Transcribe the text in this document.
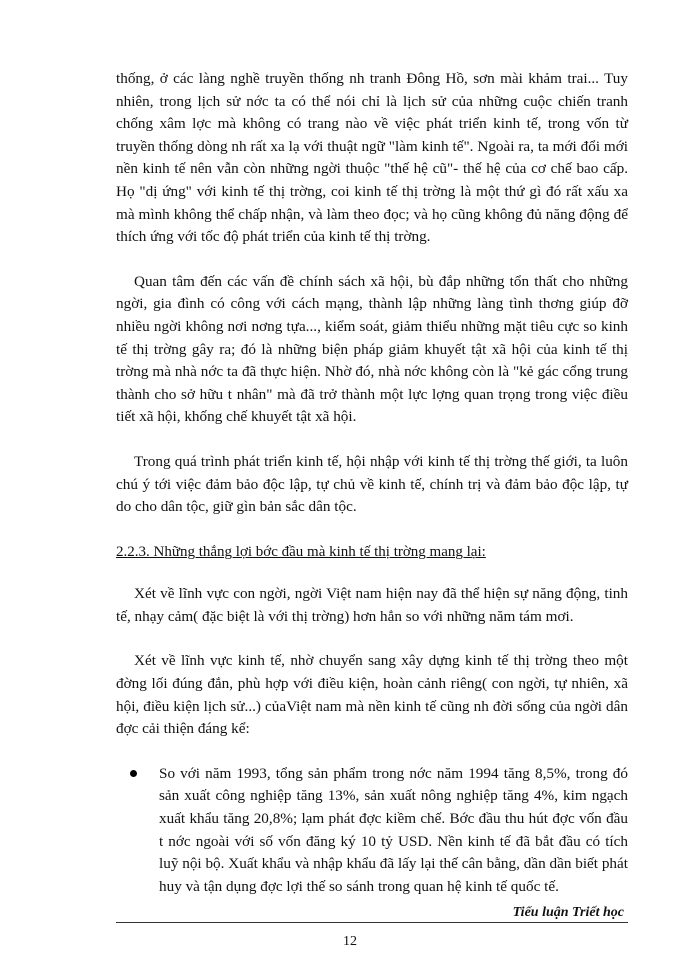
thống, ở các làng nghề truyền thống nh tranh Đông Hồ, sơn mài khảm trai... Tuy nhiên, trong lịch sử nớc ta có thể nói chỉ là lịch sử của những cuộc chiến tranh chống xâm lợc mà không có trang nào về việc phát triển kinh tế, trong vốn từ truyền thống dòng nh rất xa lạ với thuật ngữ "làm kinh tế". Ngoài ra, ta mới đổi mới nền kinh tế nên vẫn còn những ngời thuộc "thế hệ cũ"- thế hệ của cơ chế bao cấp. Họ "dị ứng" với kinh tế thị trờng, coi kinh tế thị trờng là một thứ gì đó rất xấu xa mà mình không thể chấp nhận, và làm theo đọc; và họ cũng không đủ năng động để thích ứng với tốc độ phát triển của kinh tế thị trờng.

Quan tâm đến các vấn đề chính sách xã hội, bù đắp những tổn thất cho những ngời, gia đình có công với cách mạng, thành lập những làng tình thơng giúp đỡ nhiều ngời không nơi nơng tựa..., kiểm soát, giảm thiểu những mặt tiêu cực so kinh tế thị trờng gây ra; đó là những biện pháp giảm khuyết tật xã hội của kinh tế thị trờng mà nhà nớc ta đã thực hiện. Nhờ đó, nhà nớc không còn là "kẻ gác cổng trung thành cho sở hữu t nhân" mà đã trở thành một lực lợng quan trọng trong việc điều tiết xã hội, khống chế khuyết tật xã hội.

Trong quá trình phát triển kinh tế, hội nhập với kinh tế thị trờng thế giới, ta luôn chú ý tới việc đảm bảo độc lập, tự chủ về kinh tế, chính trị và đảm bảo độc lập, tự do cho dân tộc, giữ gìn bản sắc dân tộc.

2.2.3. Những thắng lợi bớc đầu mà kinh tế thị trờng mang lại:

Xét về lĩnh vực con ngời, ngời Việt nam hiện nay đã thể hiện sự năng động, tinh tế, nhạy cảm( đặc biệt là với thị trờng) hơn hẳn so với những năm tám mơi.

Xét về lĩnh vực kinh tế, nhờ chuyển sang xây dựng kinh tế thị trờng theo một đờng lối đúng đắn, phù hợp với điều kiện, hoàn cảnh riêng( con ngời, tự nhiên, xã hội, điều kiện lịch sử...) củaViệt nam mà nền kinh tế cũng nh đời sống của ngời dân đợc cải thiện đáng kể:

So với năm 1993, tổng sản phẩm trong nớc năm 1994 tăng 8,5%, trong đó sản xuất công nghiệp tăng 13%, sản xuất nông nghiệp tăng 4%, kim ngạch xuất khẩu tăng 20,8%; lạm phát đợc kiềm chế. Bớc đầu thu hút đợc vốn đầu t nớc ngoài với số vốn đăng ký 10 tỷ USD. Nền kinh tế đã bắt đầu có tích luỹ nội bộ. Xuất khẩu và nhập khẩu đã lấy lại thế cân bằng, dần dần biết phát huy và tận dụng đợc lợi thế so sánh trong quan hệ kinh tế quốc tế.
Tiểu luận Triết học
12
